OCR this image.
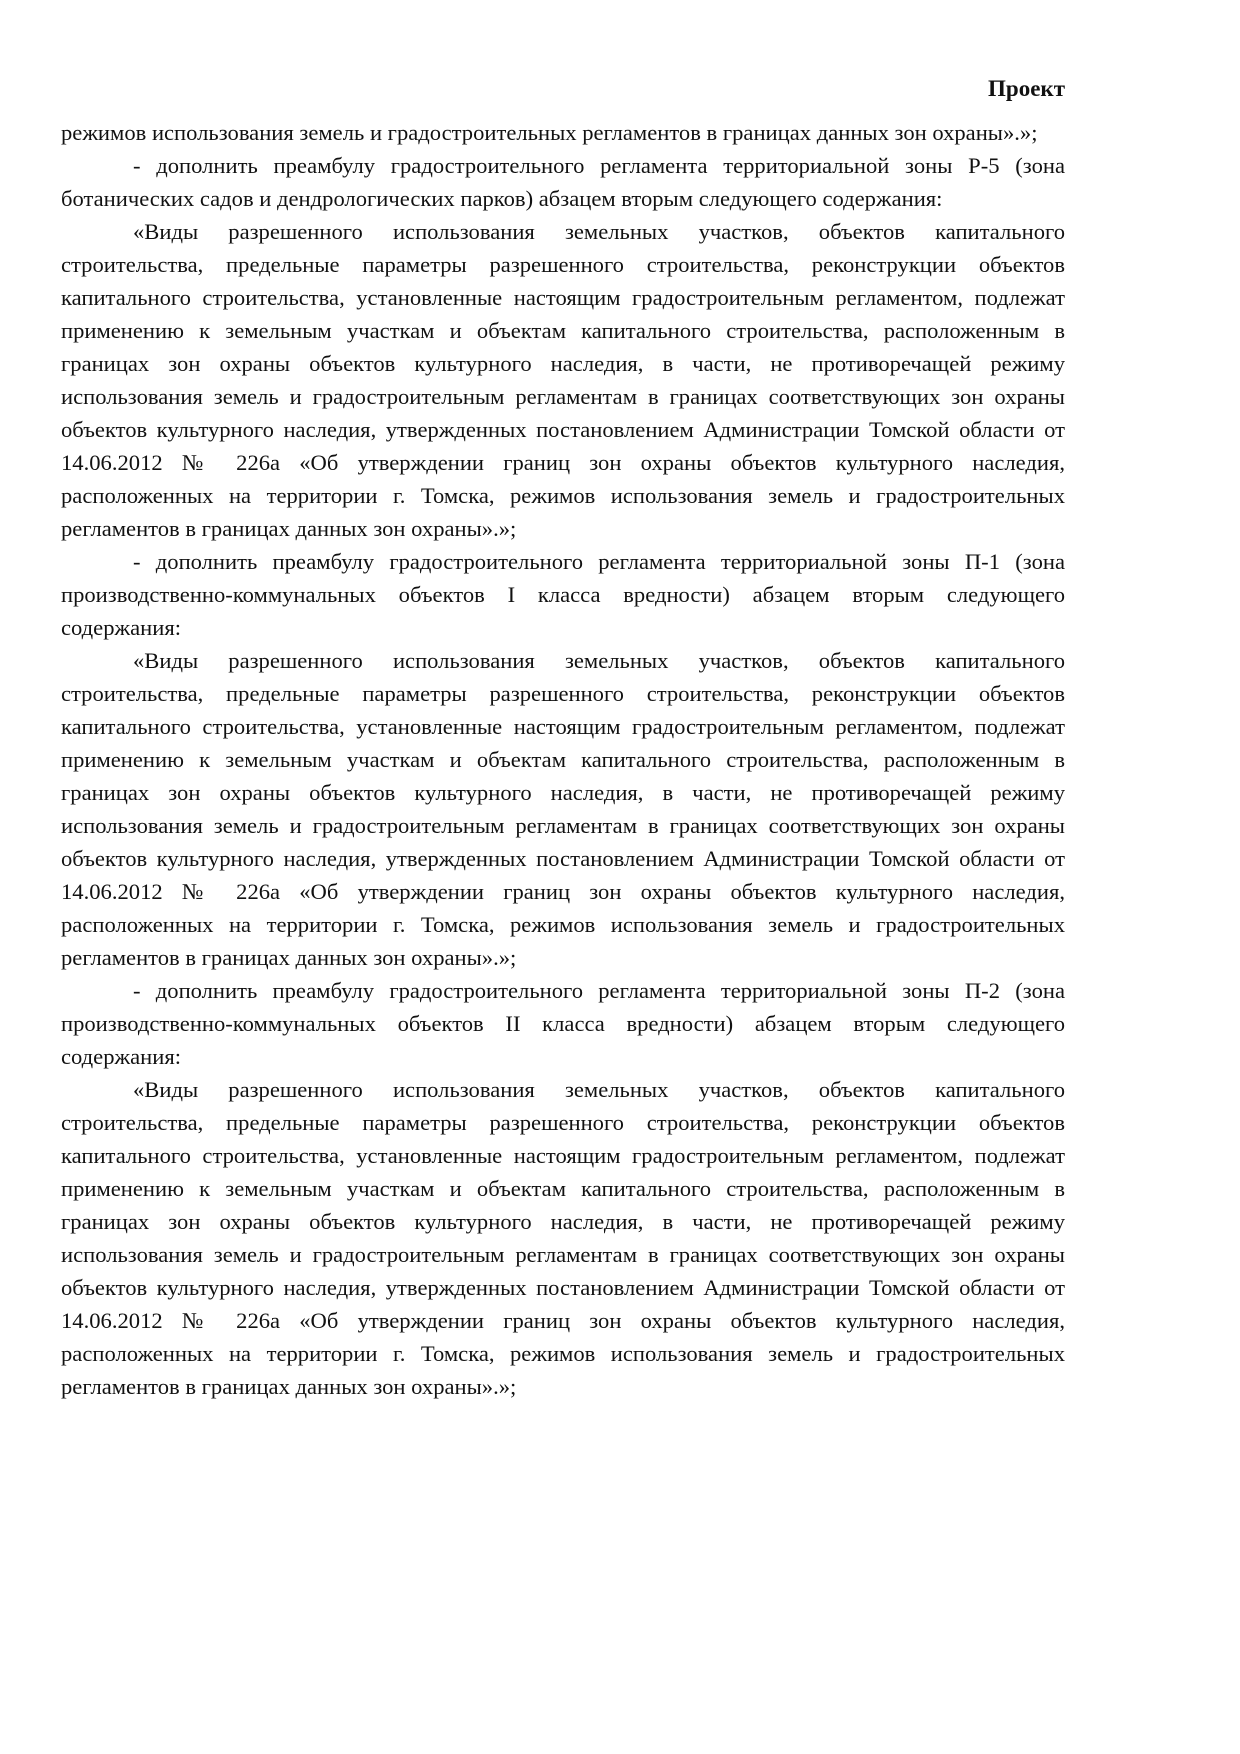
Проект

режимов использования земель и градостроительных регламентов в границах данных зон охраны».»;

- дополнить преамбулу градостроительного регламента территориальной зоны Р-5 (зона ботанических садов и дендрологических парков) абзацем вторым следующего содержания:

«Виды разрешенного использования земельных участков, объектов капитального строительства, предельные параметры разрешенного строительства, реконструкции объектов капитального строительства, установленные настоящим градостроительным регламентом, подлежат применению к земельным участкам и объектам капитального строительства, расположенным в границах зон охраны объектов культурного наследия, в части, не противоречащей режиму использования земель и градостроительным регламентам в границах соответствующих зон охраны объектов культурного наследия, утвержденных постановлением Администрации Томской области от 14.06.2012 № 226а «Об утверждении границ зон охраны объектов культурного наследия, расположенных на территории г. Томска, режимов использования земель и градостроительных регламентов в границах данных зон охраны».»;

- дополнить преамбулу градостроительного регламента территориальной зоны П-1 (зона производственно-коммунальных объектов I класса вредности) абзацем вторым следующего содержания:

«Виды разрешенного использования земельных участков, объектов капитального строительства, предельные параметры разрешенного строительства, реконструкции объектов капитального строительства, установленные настоящим градостроительным регламентом, подлежат применению к земельным участкам и объектам капитального строительства, расположенным в границах зон охраны объектов культурного наследия, в части, не противоречащей режиму использования земель и градостроительным регламентам в границах соответствующих зон охраны объектов культурного наследия, утвержденных постановлением Администрации Томской области от 14.06.2012 № 226а «Об утверждении границ зон охраны объектов культурного наследия, расположенных на территории г. Томска, режимов использования земель и градостроительных регламентов в границах данных зон охраны».»;

- дополнить преамбулу градостроительного регламента территориальной зоны П-2 (зона производственно-коммунальных объектов II класса вредности) абзацем вторым следующего содержания:

«Виды разрешенного использования земельных участков, объектов капитального строительства, предельные параметры разрешенного строительства, реконструкции объектов капитального строительства, установленные настоящим градостроительным регламентом, подлежат применению к земельным участкам и объектам капитального строительства, расположенным в границах зон охраны объектов культурного наследия, в части, не противоречащей режиму использования земель и градостроительным регламентам в границах соответствующих зон охраны объектов культурного наследия, утвержденных постановлением Администрации Томской области от 14.06.2012 № 226а «Об утверждении границ зон охраны объектов культурного наследия, расположенных на территории г. Томска, режимов использования земель и градостроительных регламентов в границах данных зон охраны».»;
